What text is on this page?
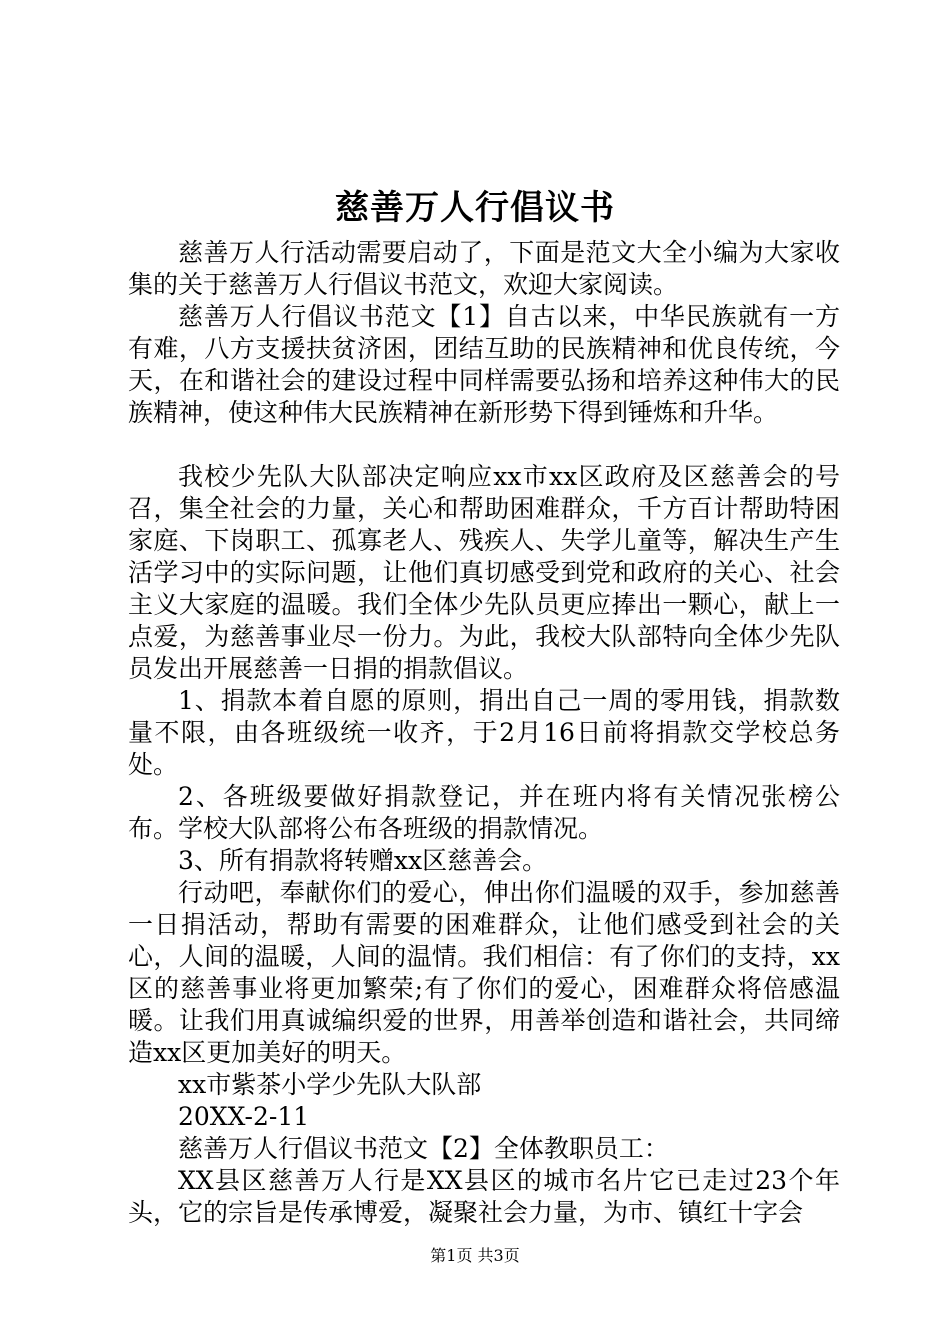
慈善万人行倡议书

慈善万人行活动需要启动了，下面是范文大全小编为大家收集的关于慈善万人行倡议书范文，欢迎大家阅读。

慈善万人行倡议书范文【1】自古以来，中华民族就有一方有难，八方支援扶贫济困，团结互助的民族精神和优良传统，今天，在和谐社会的建设过程中同样需要弘扬和培养这种伟大的民族精神，使这种伟大民族精神在新形势下得到锤炼和升华。

我校少先队大队部决定响应xx市xx区政府及区慈善会的号召，集全社会的力量，关心和帮助困难群众，千方百计帮助特困家庭、下岗职工、孤寡老人、残疾人、失学儿童等，解决生产生活学习中的实际问题，让他们真切感受到党和政府的关心、社会主义大家庭的温暖。我们全体少先队员更应捧出一颗心，献上一点爱，为慈善事业尽一份力。为此，我校大队部特向全体少先队员发出开展慈善一日捐的捐款倡议。

1、捐款本着自愿的原则，捐出自己一周的零用钱，捐款数量不限，由各班级统一收齐，于2月16日前将捐款交学校总务处。

2、各班级要做好捐款登记，并在班内将有关情况张榜公布。学校大队部将公布各班级的捐款情况。

3、所有捐款将转赠xx区慈善会。

行动吧，奉献你们的爱心，伸出你们温暖的双手，参加慈善一日捐活动，帮助有需要的困难群众，让他们感受到社会的关心，人间的温暖，人间的温情。我们相信：有了你们的支持，xx区的慈善事业将更加繁荣;有了你们的爱心，困难群众将倍感温暖。让我们用真诚编织爱的世界，用善举创造和谐社会，共同缔造xx区更加美好的明天。

xx市紫茶小学少先队大队部

20XX-2-11

慈善万人行倡议书范文【2】全体教职员工：

XX县区慈善万人行是XX县区的城市名片它已走过23个年头，它的宗旨是传承博爱，凝聚社会力量，为市、镇红十字会

第1页 共3页
